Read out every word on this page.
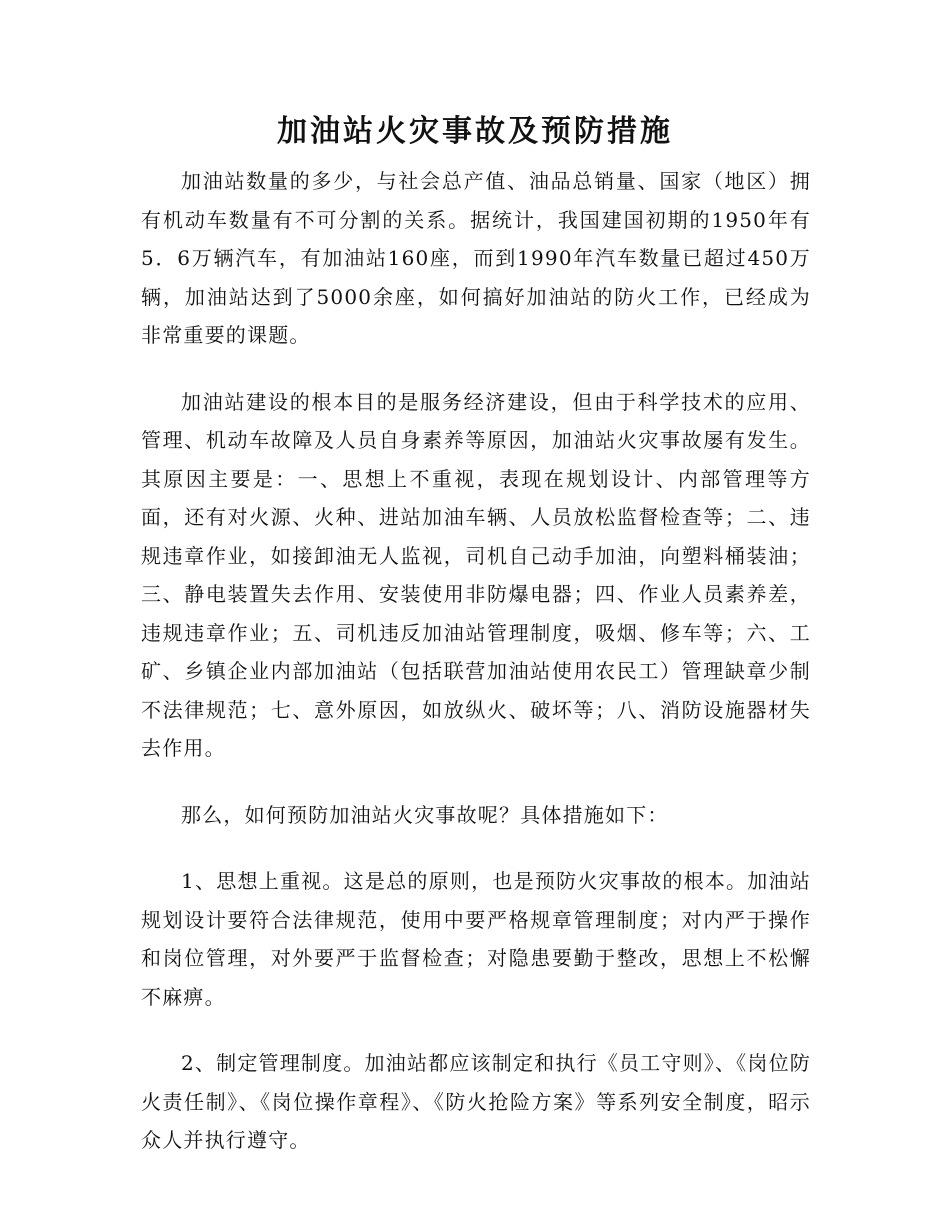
加油站火灾事故及预防措施

加油站数量的多少，与社会总产值、油品总销量、国家（地区）拥有机动车数量有不可分割的关系。据统计，我国建国初期的1950年有5．6万辆汽车，有加油站160座，而到1990年汽车数量已超过450万辆，加油站达到了5000余座，如何搞好加油站的防火工作，已经成为非常重要的课题。

加油站建设的根本目的是服务经济建设，但由于科学技术的应用、管理、机动车故障及人员自身素养等原因，加油站火灾事故屡有发生。其原因主要是：一、思想上不重视，表现在规划设计、内部管理等方面，还有对火源、火种、进站加油车辆、人员放松监督检查等；二、违规违章作业，如接卸油无人监视，司机自己动手加油，向塑料桶装油；三、静电装置失去作用、安装使用非防爆电器；四、作业人员素养差，违规违章作业；五、司机违反加油站管理制度，吸烟、修车等；六、工矿、乡镇企业内部加油站（包括联营加油站使用农民工）管理缺章少制不法律规范；七、意外原因，如放纵火、破坏等；八、消防设施器材失去作用。

那么，如何预防加油站火灾事故呢？具体措施如下：

1、思想上重视。这是总的原则，也是预防火灾事故的根本。加油站规划设计要符合法律规范，使用中要严格规章管理制度；对内严于操作和岗位管理，对外要严于监督检查；对隐患要勤于整改，思想上不松懈不麻痹。

2、制定管理制度。加油站都应该制定和执行《员工守则》、《岗位防火责任制》、《岗位操作章程》、《防火抢险方案》等系列安全制度，昭示众人并执行遵守。
